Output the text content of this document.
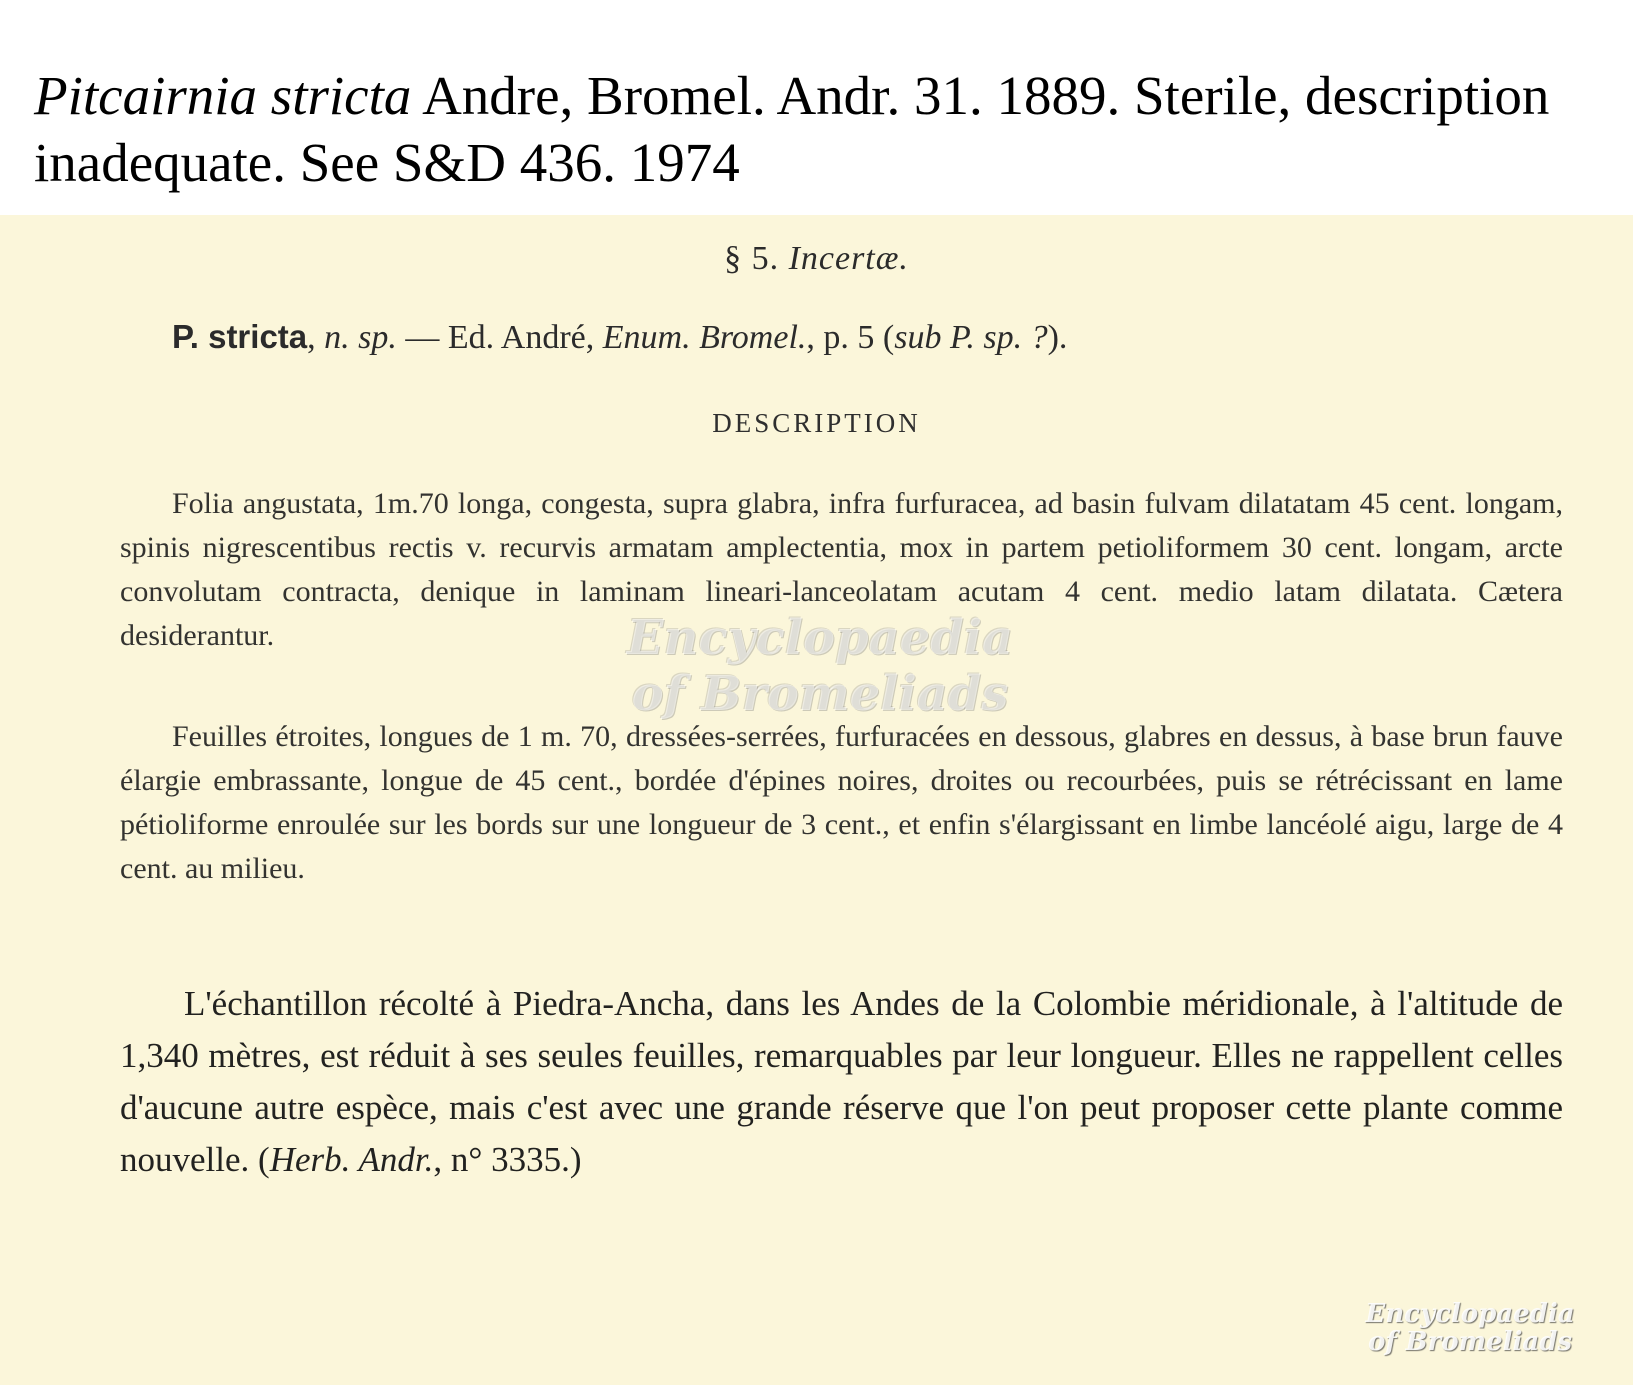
Pitcairnia stricta Andre, Bromel. Andr. 31. 1889. Sterile, description inadequate. See S&D 436. 1974
§ 5. Incertæ.
P. stricta, n. sp. — Ed. André, Enum. Bromel., p. 5 (sub P. sp. ?).
DESCRIPTION
Folia angustata, 1m.70 longa, congesta, supra glabra, infra furfuracea, ad basin fulvam dilatatam 45 cent. longam, spinis nigrescentibus rectis v. recurvis armatam amplectentia, mox in partem petioliformem 30 cent. longam, arcte convolutam contracta, denique in laminam lineari-lanceolatam acutam 4 cent. medio latam dilatata. Cætera desiderantur.
Feuilles étroites, longues de 1 m. 70, dressées-serrées, furfuracées en dessous, glabres en dessus, à base brun fauve élargie embrassante, longue de 45 cent., bordée d'épines noires, droites ou recourbées, puis se rétrécissant en lame pétioliforme enroulée sur les bords sur une longueur de 3 cent., et enfin s'élargissant en limbe lancéolé aigu, large de 4 cent. au milieu.
L'échantillon récolté à Piedra-Ancha, dans les Andes de la Colombie méridionale, à l'altitude de 1,340 mètres, est réduit à ses seules feuilles, remarquables par leur longueur. Elles ne rappellent celles d'aucune autre espèce, mais c'est avec une grande réserve que l'on peut proposer cette plante comme nouvelle. (Herb. Andr., n° 3335.)
Encyclopaedia
of Bromeliads
Encyclopaedia
of Bromeliads
